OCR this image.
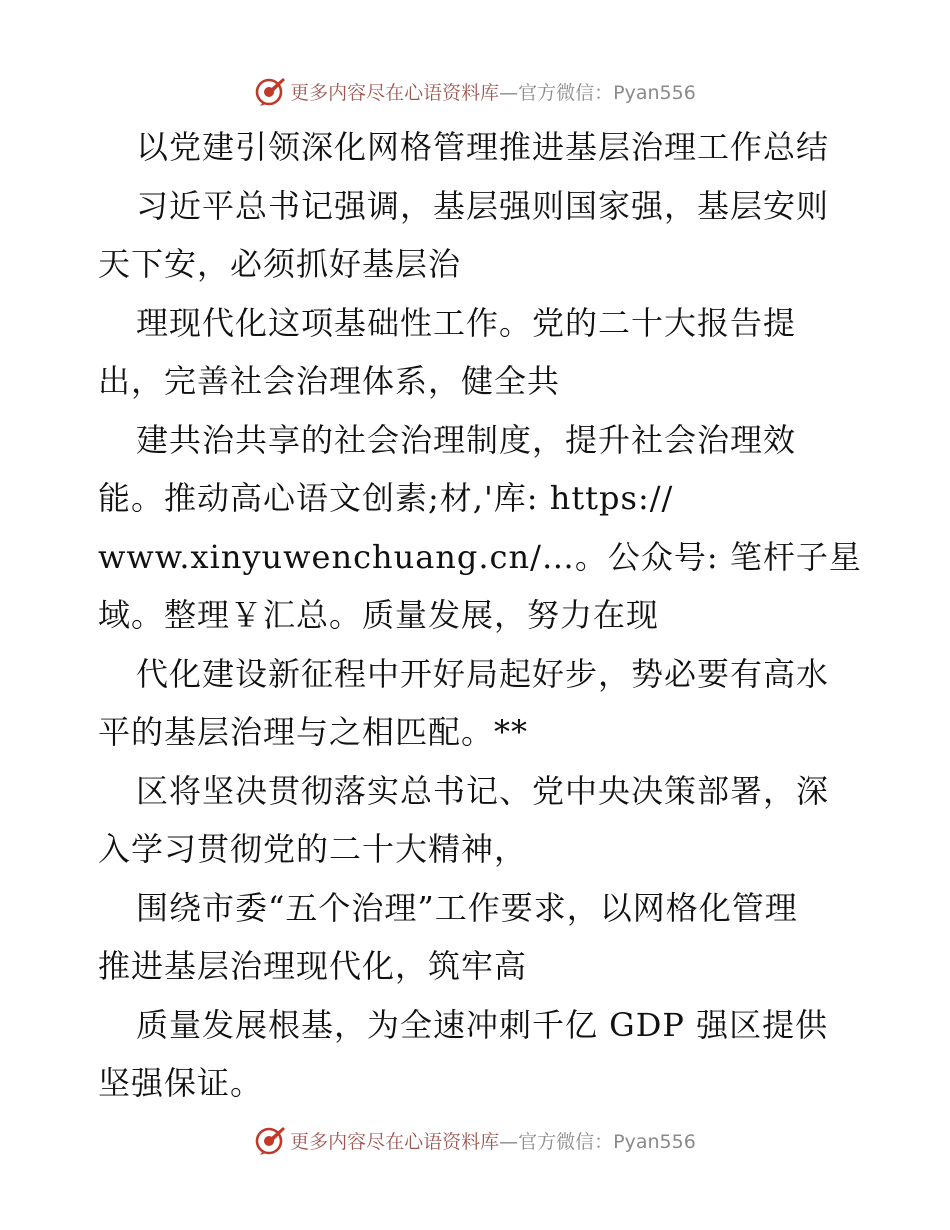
更多内容尽在心语资料库—官方微信：Pyan556
以党建引领深化网格管理推进基层治理工作总结
习近平总书记强调，基层强则国家强，基层安则
天下安，必须抓好基层治
理现代化这项基础性工作。党的二十大报告提
出，完善社会治理体系，健全共
建共治共享的社会治理制度，提升社会治理效
能。推动高心语文创素;材,'库: https://
www.xinyuwenchuang.cn/…。公众号: 笔杆子星
域。整理￥汇总。质量发展，努力在现
代化建设新征程中开好局起好步，势必要有高水
平的基层治理与之相匹配。**
区将坚决贯彻落实总书记、党中央决策部署，深
入学习贯彻党的二十大精神，
围绕市委“五个治理”工作要求，以网格化管理
推进基层治理现代化，筑牢高
质量发展根基，为全速冲刺千亿 GDP 强区提供
坚强保证。
更多内容尽在心语资料库—官方微信：Pyan556
